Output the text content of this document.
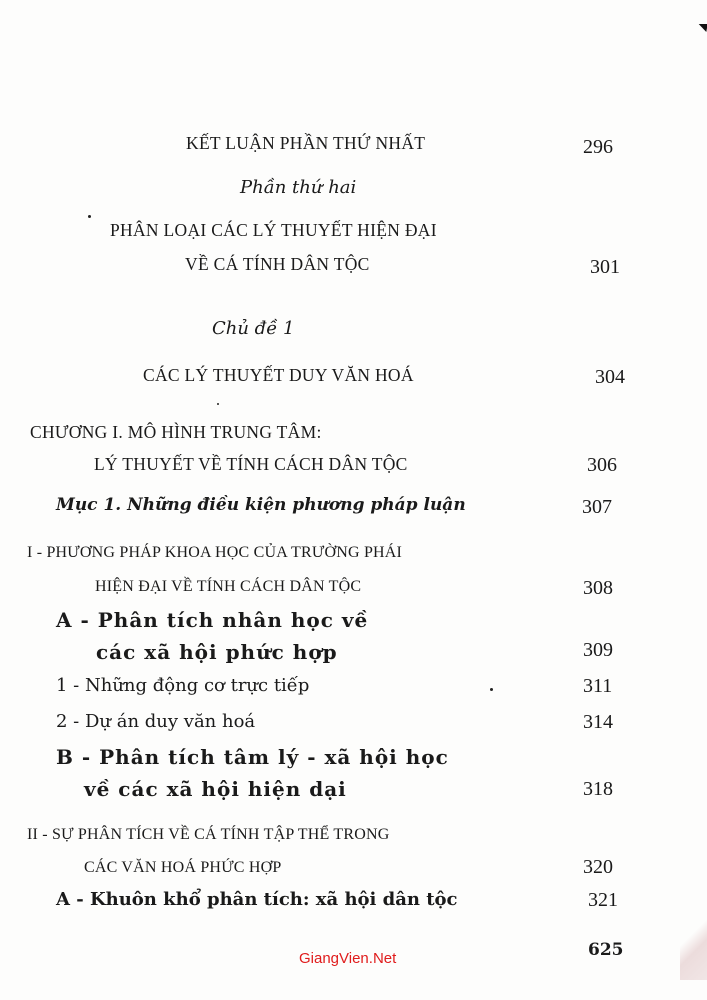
KẾT LUẬN PHẦN THỨ NHẤT	296
Phần thứ hai
PHÂN LOẠI CÁC LÝ THUYẾT HIỆN ĐẠI
VỀ CÁ TÍNH DÂN TỘC	301
Chủ đề 1
CÁC LÝ THUYẾT DUY VĂN HOÁ	304
CHƯƠNG I. MÔ HÌNH TRUNG TÂM:
LÝ THUYẾT VỀ TÍNH CÁCH DÂN TỘC	306
Mục 1. Những điều kiện phương pháp luận	307
I - PHƯƠNG PHÁP KHOA HỌC CỦA TRƯỜNG PHÁI
HIỆN ĐẠI VỀ TÍNH CÁCH DÂN TỘC	308
A - Phân tích nhân học về
các xã hội phức hợp	309
1 - Những động cơ trực tiếp	311
2 - Dự án duy văn hoá	314
B - Phân tích tâm lý - xã hội học
về các xã hội hiện dại	318
II - SỰ PHÂN TÍCH VỀ CÁ TÍNH TẬP THỂ TRONG
CÁC VĂN HOÁ PHỨC HỢP	320
A - Khuôn khổ phân tích: xã hội dân tộc	321
625
GiangVien.Net
